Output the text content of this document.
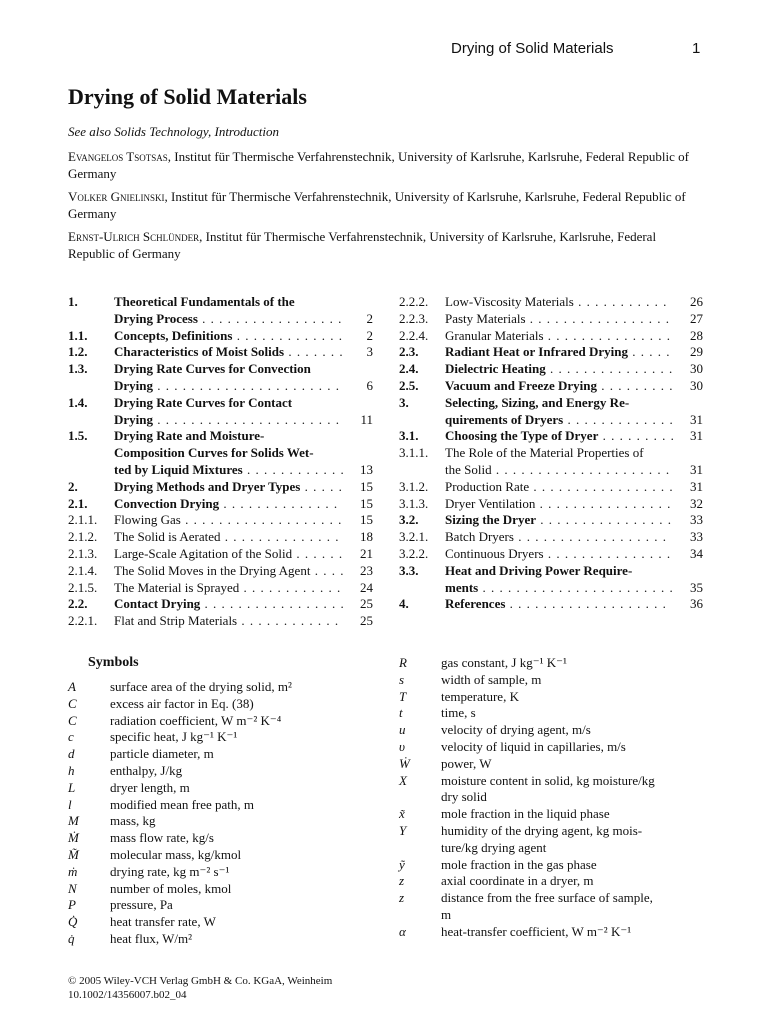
Drying of Solid Materials	1
Drying of Solid Materials
See also Solids Technology, Introduction
Evangelos Tsotsas, Institut für Thermische Verfahrenstechnik, University of Karlsruhe, Karlsruhe, Federal Republic of Germany
Volker Gnielinski, Institut für Thermische Verfahrenstechnik, University of Karlsruhe, Karlsruhe, Federal Republic of Germany
Ernst-Ulrich Schlünder, Institut für Thermische Verfahrenstechnik, University of Karlsruhe, Karlsruhe, Federal Republic of Germany
1.	Theoretical Fundamentals of the
Drying Process . . . . . . . . . . . . . . . . .	2
1.1.	Concepts, Definitions . . . . . . . . . . . . .	2
1.2.	Characteristics of Moist Solids . . . . . . .	3
1.3.	Drying Rate Curves for Convection
Drying . . . . . . . . . . . . . . . . . . . . . .	6
1.4.	Drying Rate Curves for Contact
Drying . . . . . . . . . . . . . . . . . . . . . .	11
1.5.	Drying Rate and Moisture-
Composition Curves for Solids Wet-
ted by Liquid Mixtures . . . . . . . . . . . .	13
2.	Drying Methods and Dryer Types . . . . .	15
2.1.	Convection Drying . . . . . . . . . . . . . .	15
2.1.1.	Flowing Gas . . . . . . . . . . . . . . . . . . .	15
2.1.2.	The Solid is Aerated . . . . . . . . . . . . . .	18
2.1.3.	Large-Scale Agitation of the Solid . . . . . .	21
2.1.4.	The Solid Moves in the Drying Agent . . . .	23
2.1.5.	The Material is Sprayed . . . . . . . . . . . .	24
2.2.	Contact Drying . . . . . . . . . . . . . . . . .	25
2.2.1.	Flat and Strip Materials . . . . . . . . . . . .	25
2.2.2.	Low-Viscosity Materials . . . . . . . . . . .	26
2.2.3.	Pasty Materials . . . . . . . . . . . . . . . . .	27
2.2.4.	Granular Materials . . . . . . . . . . . . . . .	28
2.3.	Radiant Heat or Infrared Drying . . . . .	29
2.4.	Dielectric Heating . . . . . . . . . . . . . . .	30
2.5.	Vacuum and Freeze Drying . . . . . . . . .	30
3.	Selecting, Sizing, and Energy Re-
quirements of Dryers . . . . . . . . . . . . .	31
3.1.	Choosing the Type of Dryer . . . . . . . . .	31
3.1.1.	The Role of the Material Properties of
the Solid . . . . . . . . . . . . . . . . . . . . .	31
3.1.2.	Production Rate . . . . . . . . . . . . . . . . .	31
3.1.3.	Dryer Ventilation . . . . . . . . . . . . . . . .	32
3.2.	Sizing the Dryer . . . . . . . . . . . . . . . .	33
3.2.1.	Batch Dryers . . . . . . . . . . . . . . . . . .	33
3.2.2.	Continuous Dryers . . . . . . . . . . . . . . .	34
3.3.	Heat and Driving Power Require-
ments . . . . . . . . . . . . . . . . . . . . . . .	35
4.	References . . . . . . . . . . . . . . . . . . .	36
Symbols
A	surface area of the drying solid, m²
C	excess air factor in Eq. (38)
C	radiation coefficient, W m⁻² K⁻⁴
c	specific heat, J kg⁻¹ K⁻¹
d	particle diameter, m
h	enthalpy, J/kg
L	dryer length, m
l	modified mean free path, m
M	mass, kg
Ṁ	mass flow rate, kg/s
M̃	molecular mass, kg/kmol
ṁ	drying rate, kg m⁻² s⁻¹
N	number of moles, kmol
P	pressure, Pa
Q̇	heat transfer rate, W
q̇	heat flux, W/m²
R	gas constant, J kg⁻¹ K⁻¹
s	width of sample, m
T	temperature, K
t	time, s
u	velocity of drying agent, m/s
υ	velocity of liquid in capillaries, m/s
Ẇ	power, W
X	moisture content in solid, kg moisture/kg
dry solid
x̃	mole fraction in the liquid phase
Y	humidity of the drying agent, kg mois-
ture/kg drying agent
ỹ	mole fraction in the gas phase
z	axial coordinate in a dryer, m
z	distance from the free surface of sample,
m
α	heat-transfer coefficient, W m⁻² K⁻¹
© 2005 Wiley-VCH Verlag GmbH & Co. KGaA, Weinheim
10.1002/14356007.b02_04
